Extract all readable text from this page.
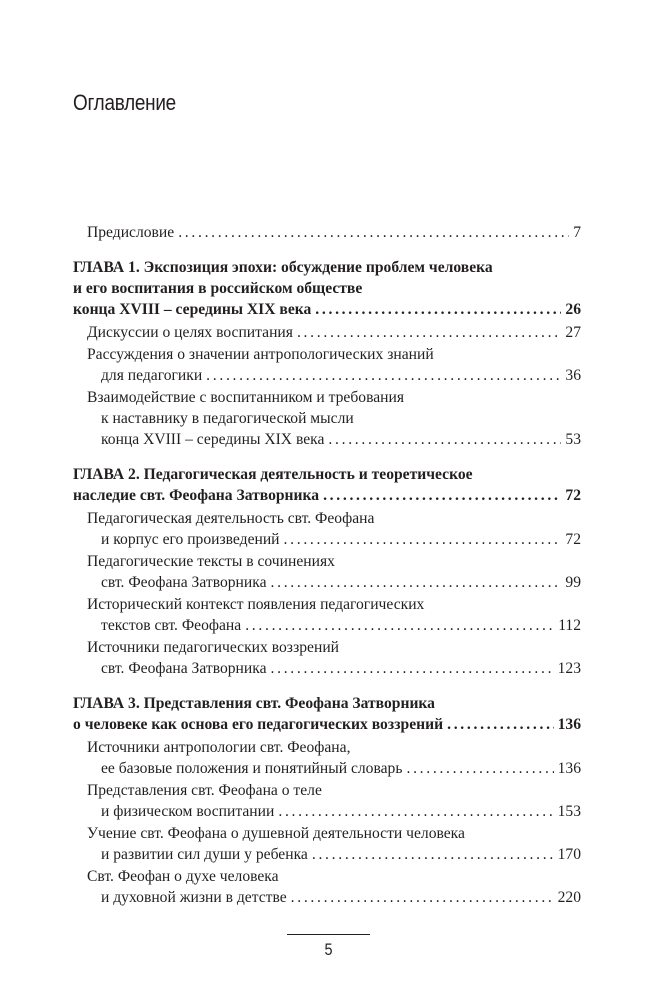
Оглавление
Предисловие . . .	7
ГЛАВА 1. Экспозиция эпохи: обсуждение проблем человека
и его воспитания в российском обществе
конца XVIII – середины XIX века . . .	26
Дискуссии о целях воспитания . . .	27
Рассуждения о значении антропологических знаний
для педагогики . . .	36
Взаимодействие с воспитанником и требования
к наставнику в педагогической мысли
конца XVIII – середины XIX века . . .	53
ГЛАВА 2. Педагогическая деятельность и теоретическое
наследие свт. Феофана Затворника . . .	72
Педагогическая деятельность свт. Феофана
и корпус его произведений . . .	72
Педагогические тексты в сочинениях
свт. Феофана Затворника . . .	99
Исторический контекст появления педагогических
текстов свт. Феофана . . .	112
Источники педагогических воззрений
свт. Феофана Затворника . . .	123
ГЛАВА 3. Представления свт. Феофана Затворника
о человеке как основа его педагогических воззрений . . .	136
Источники антропологии свт. Феофана,
ее базовые положения и понятийный словарь . . .	136
Представления свт. Феофана о теле
и физическом воспитании . . .	153
Учение свт. Феофана о душевной деятельности человека
и развитии сил души у ребенка . . .	170
Свт. Феофан о духе человека
и духовной жизни в детстве . . .	220
5
